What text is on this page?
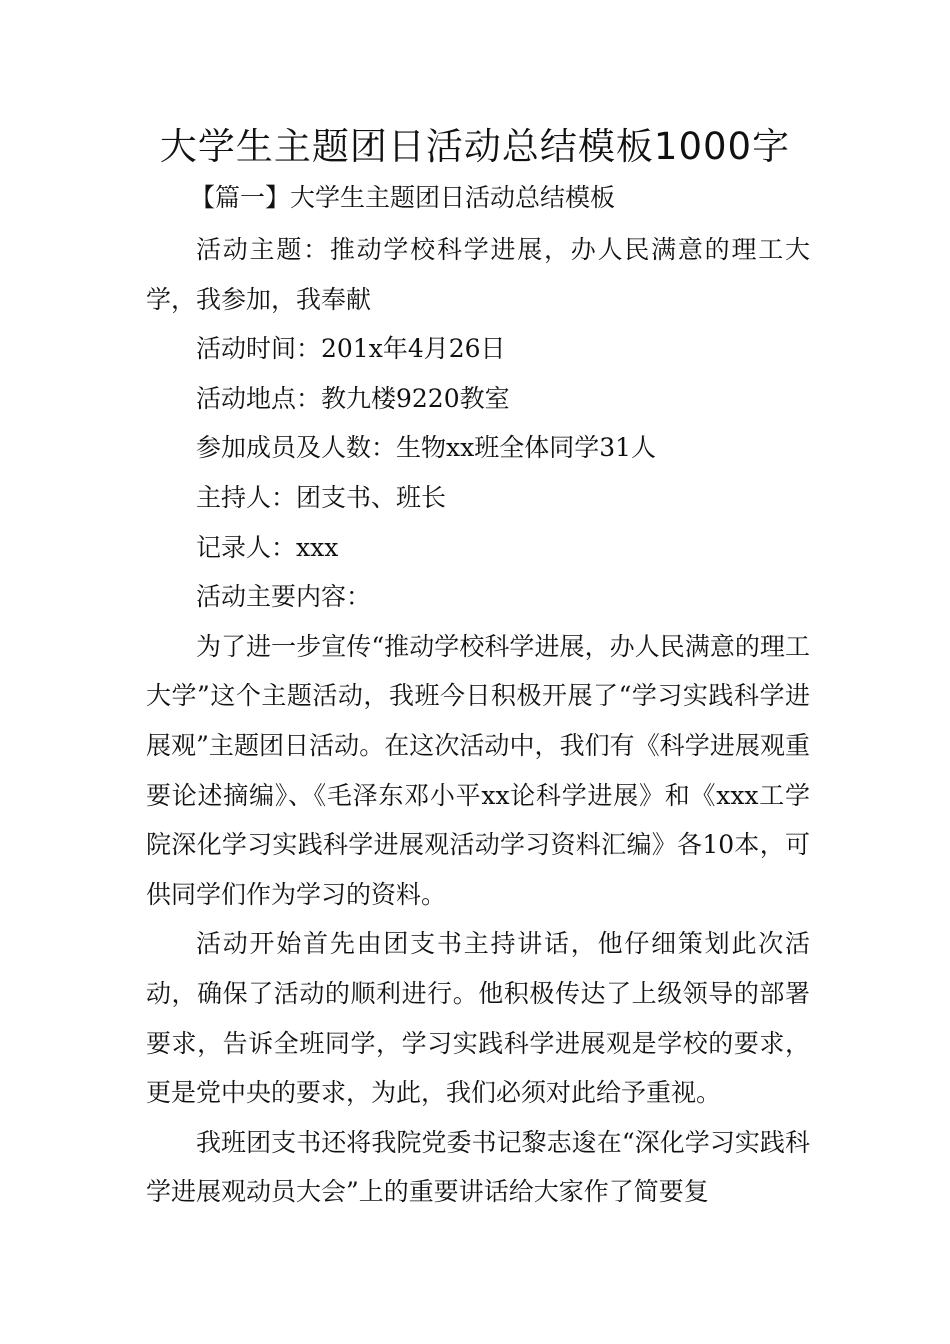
大学生主题团日活动总结模板1000字
【篇一】大学生主题团日活动总结模板

活动主题：推动学校科学进展，办人民满意的理工大学，我参加，我奉献

活动时间：201x年4月26日

活动地点：教九楼9220教室

参加成员及人数：生物xx班全体同学31人

主持人：团支书、班长

记录人：xxx

活动主要内容：

为了进一步宣传“推动学校科学进展，办人民满意的理工大学”这个主题活动，我班今日积极开展了“学习实践科学进展观”主题团日活动。在这次活动中，我们有《科学进展观重要论述摘编》、《毛泽东邓小平xx论科学进展》和《xxx工学院深化学习实践科学进展观活动学习资料汇编》各10本，可供同学们作为学习的资料。

活动开始首先由团支书主持讲话，他仔细策划此次活动，确保了活动的顺利进行。他积极传达了上级领导的部署要求，告诉全班同学，学习实践科学进展观是学校的要求，更是党中央的要求，为此，我们必须对此给予重视。

我班团支书还将我院党委书记黎志逡在“深化学习实践科学进展观动员大会”上的重要讲话给大家作了简要复
